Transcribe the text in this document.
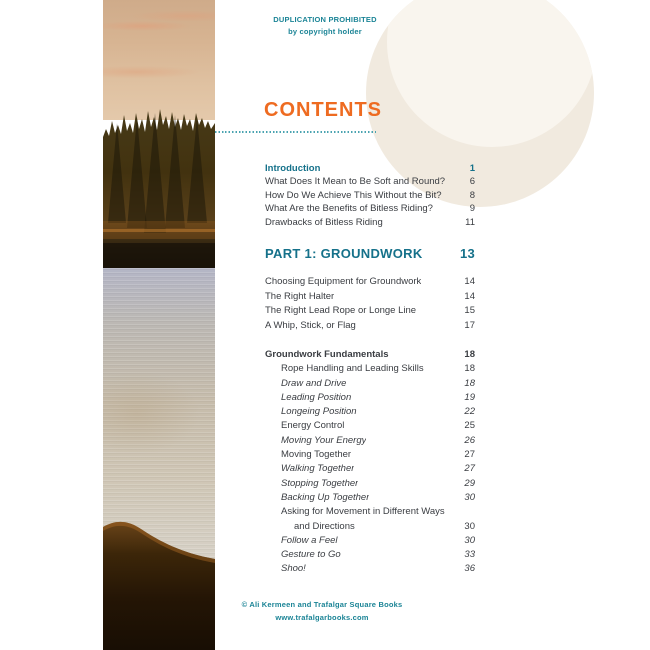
DUPLICATION PROHIBITED
by copyright holder
CONTENTS
Introduction	1
What Does It Mean to Be Soft and Round?	6
How Do We Achieve This Without the Bit?	8
What Are the Benefits of Bitless Riding?	9
Drawbacks of Bitless Riding	11
PART 1: GROUNDWORK	13
Choosing Equipment for Groundwork	14
The Right Halter	14
The Right Lead Rope or Longe Line	15
A Whip, Stick, or Flag	17
Groundwork Fundamentals	18
Rope Handling and Leading Skills	18
Draw and Drive	18
Leading Position	19
Longeing Position	22
Energy Control	25
Moving Your Energy	26
Moving Together	27
Walking Together	27
Stopping Together	29
Backing Up Together	30
Asking for Movement in Different Ways
and Directions	30
Follow a Feel	30
Gesture to Go	33
Shoo!	36
© Ali Kermeen and Trafalgar Square Books
www.trafalgarbooks.com
